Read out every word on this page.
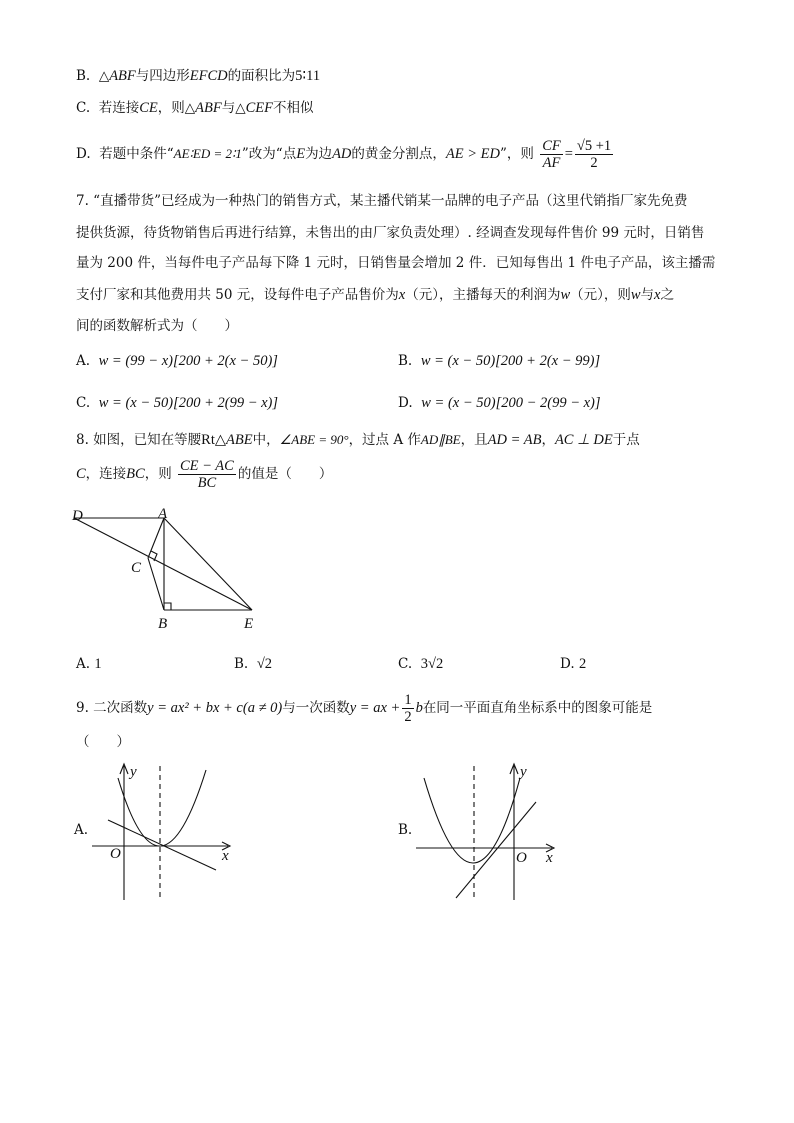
B. △ABF与四边形EFCD的面积比为5∶11
C. 若连接CE，则△ABF与△CEF不相似
D. 若题中条件“AE∶ED = 2∶1”改为“点E为边AD的黄金分割点，AE > ED”，则 $\frac{CF}{AF} = \frac{√5 +1}{2}$
7. “直播带货”已经成为一种热门的销售方式，某主播代销某一品牌的电子产品（这里代销指厂家先免费
提供货源，待货物销售后再进行结算，未售出的由厂家负责处理）. 经调查发现每件售价 99 元时，日销售
量为 200 件，当每件电子产品每下降 1 元时，日销售量会增加 2 件．已知每售出 1 件电子产品，该主播需
支付厂家和其他费用共 50 元，设每件电子产品售价为x（元），主播每天的利润为w（元），则w与x之
间的函数解析式为（　　）
A. w = (99 − x)[200 + 2(x − 50)]	B. w = (x − 50)[200 + 2(x − 99)]
C. w = (x − 50)[200 + 2(99 − x)]	D. w = (x − 50)[200 − 2(99 − x)]
8. 如图，已知在等腰Rt△ABE中，∠ABE = 90°，过点 A 作AD∥BE，且AD = AB，AC ⊥ DE于点
C，连接BC，则 $\frac{CE - AC}{BC}$ 的值是（　　）
D	A
C
B	E
A. 1	B. √2	C. 3√2	D. 2
9. 二次函数y = ax² + bx + c(a ≠ 0)与一次函数y = ax + $\frac{1}{2}$ b在同一平面直角坐标系中的图象可能是
（　　）
A.
y
x
O
B.
y
x
O
